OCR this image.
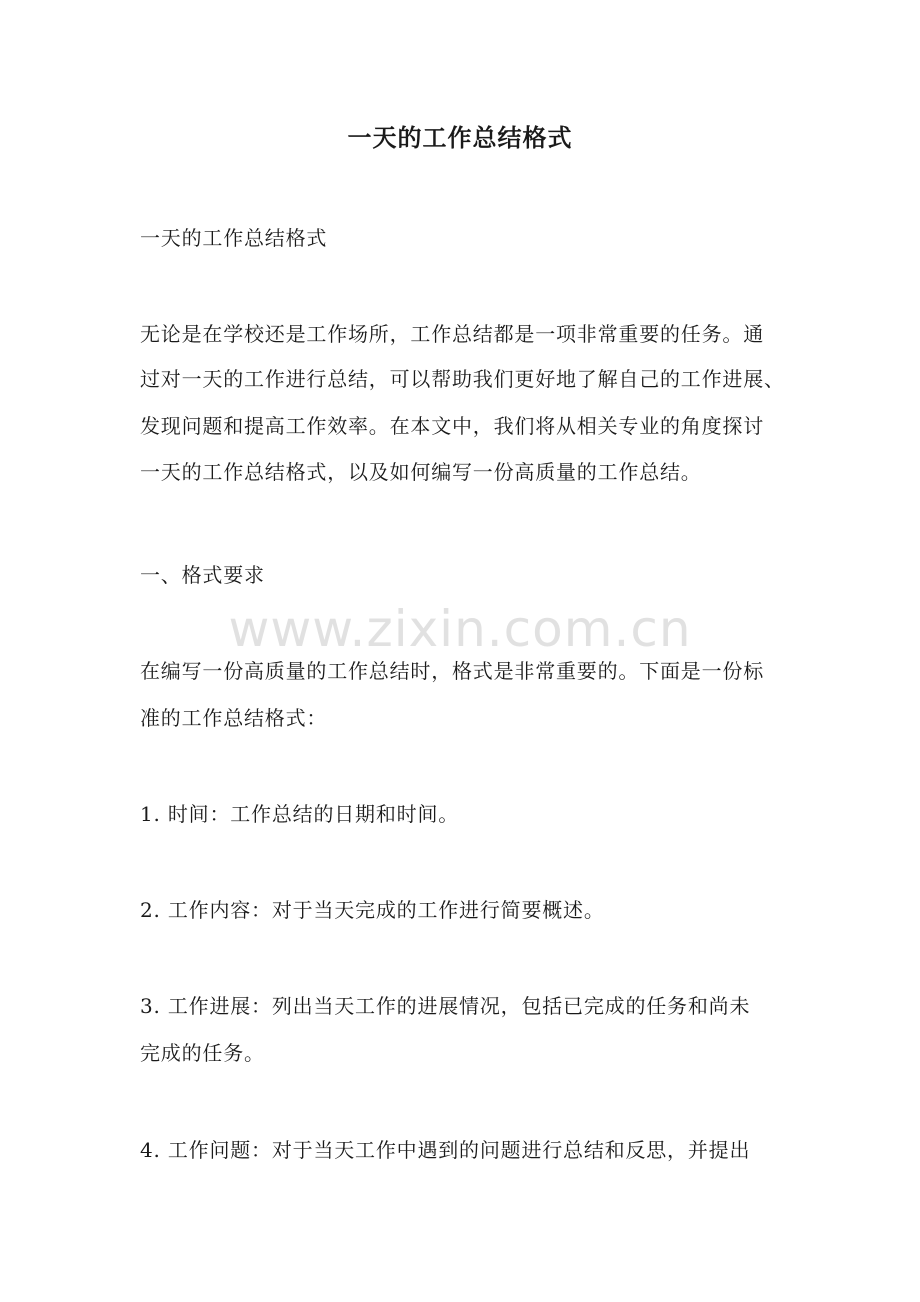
一天的工作总结格式
一天的工作总结格式
无论是在学校还是工作场所，工作总结都是一项非常重要的任务。通
过对一天的工作进行总结，可以帮助我们更好地了解自己的工作进展、
发现问题和提高工作效率。在本文中，我们将从相关专业的角度探讨
一天的工作总结格式，以及如何编写一份高质量的工作总结。
一、格式要求
www.zixin.com.cn
在编写一份高质量的工作总结时，格式是非常重要的。下面是一份标
准的工作总结格式：
1. 时间：工作总结的日期和时间。
2. 工作内容：对于当天完成的工作进行简要概述。
3. 工作进展：列出当天工作的进展情况，包括已完成的任务和尚未
完成的任务。
4. 工作问题：对于当天工作中遇到的问题进行总结和反思，并提出
